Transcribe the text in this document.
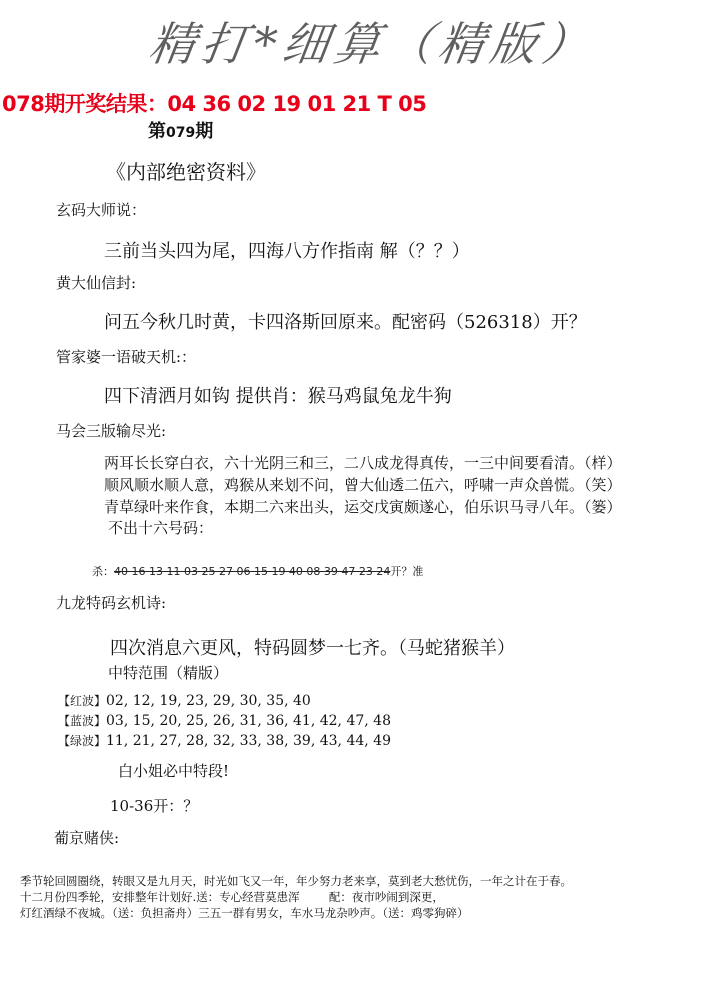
精打*细算（精版）
078期开奖结果：04 36 02 19 01 21 T 05
第079期
《内部绝密资料》
玄码大师说：
三前当头四为尾，四海八方作指南 解（？？）
黄大仙信封:
问五今秋几时黄，卡四洛斯回原来。配密码（526318）开？
管家婆一语破天机:：
四下清洒月如钩 提供肖：猴马鸡鼠兔龙牛狗
马会三版输尽光:
两耳长长穿白衣，六十光阴三和三，二八成龙得真传，一三中间要看清。（样）
顺风顺水顺人意，鸡猴从来划不问，曾大仙透二伍六，呼啸一声众兽慌。（笑）
青草绿叶来作食，本期二六来出头，运交戊寅颇遂心，伯乐识马寻八年。（篓）
不出十六号码：
杀：40 16 13 11 03 25 27 06 15 19 40 08 39 47 23 24开？准
九龙特码玄机诗:
四次消息六更风，特码圆梦一七齐。（马蛇猪猴羊）
中特范围（精版）
【红波】02, 12, 19, 23, 29, 30, 35, 40
【蓝波】03, 15, 20, 25, 26, 31, 36, 41, 42, 47, 48
【绿波】11, 21, 27, 28, 32, 33, 38, 39, 43, 44, 49
白小姐必中特段!
10-36开：？
葡京赌侠:
季节轮回圆圈绕，转眼又是九月天，时光如飞又一年，年少努力老来享，莫到老大愁忧伤，一年之计在于春。
十二月份四季轮，安排整年计划好.送：专心经营莫患浑        配：夜市吵闹到深更，
灯红酒绿不夜城。（送：负担斋舟）三五一群有男女，车水马龙杂吵声。（送：鸡零狗碎）
